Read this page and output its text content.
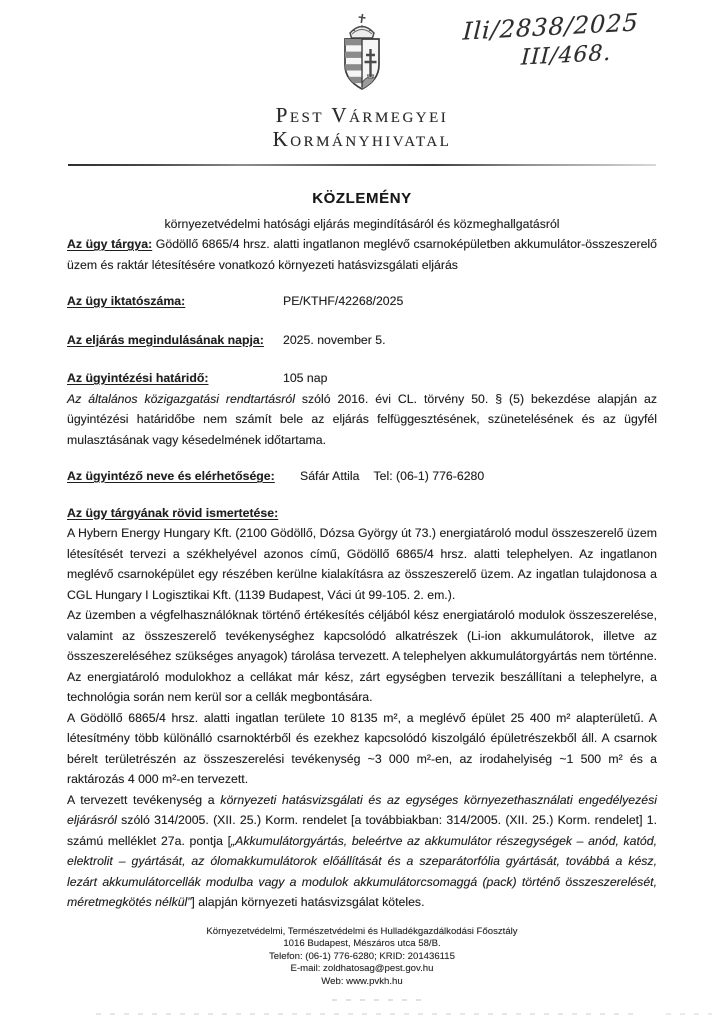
Ili/2838/2025
III/468.
Pest Vármegyei
Kormányhivatal
KÖZLEMÉNY
környezetvédelmi hatósági eljárás megindításáról és közmeghallgatásról

Az ügy tárgya: Gödöllő 6865/4 hrsz. alatti ingatlanon meglévő csarnoképületben akkumulátor-összeszerelő üzem és raktár létesítésére vonatkozó környezeti hatásvizsgálati eljárás

Az ügy iktatószáma:	PE/KTHF/42268/2025
Az eljárás megindulásának napja:	2025. november 5.
Az ügyintézési határidő:	105 nap

Az általános közigazgatási rendtartásról szóló 2016. évi CL. törvény 50. § (5) bekezdése alapján az ügyintézési határidőbe nem számít bele az eljárás felfüggesztésének, szünetelésének és az ügyfél mulasztásának vagy késedelmének időtartama.

Az ügyintéző neve és elérhetősége:	Sáfár Attila Tel: (06-1) 776-6280
Az ügy tárgyának rövid ismertetése:

A Hybern Energy Hungary Kft. (2100 Gödöllő, Dózsa György út 73.) energiatároló modul összeszerelő üzem létesítését tervezi a székhelyével azonos című, Gödöllő 6865/4 hrsz. alatti telephelyen. Az ingatlanon meglévő csarnoképület egy részében kerülne kialakításra az összeszerelő üzem. Az ingatlan tulajdonosa a CGL Hungary I Logisztikai Kft. (1139 Budapest, Váci út 99-105. 2. em.).

Az üzemben a végfelhasználóknak történő értékesítés céljából kész energiatároló modulok összeszerelése, valamint az összeszerelő tevékenységhez kapcsolódó alkatrészek (Li-ion akkumulátorok, illetve az összeszereléséhez szükséges anyagok) tárolása tervezett. A telephelyen akkumulátorgyártás nem történne. Az energiatároló modulokhoz a cellákat már kész, zárt egységben tervezik beszállítani a telephelyre, a technológia során nem kerül sor a cellák megbontására.

A Gödöllő 6865/4 hrsz. alatti ingatlan területe 10 8135 m², a meglévő épület 25 400 m² alapterületű. A létesítmény több különálló csarnoktérből és ezekhez kapcsolódó kiszolgáló épületrészekből áll. A csarnok bérelt területrészén az összeszerelési tevékenység ~3 000 m²-en, az irodahelyiség ~1 500 m² és a raktározás 4 000 m²-en tervezett.

A tervezett tevékenység a környezeti hatásvizsgálati és az egységes környezethasználati engedélyezési eljárásról szóló 314/2005. (XII. 25.) Korm. rendelet [a továbbiakban: 314/2005. (XII. 25.) Korm. rendelet] 1. számú melléklet 27a. pontja [„Akkumulátorgyártás, beleértve az akkumulátor részegységek – anód, katód, elektrolit – gyártását, az ólomakkumulátorok előállítását és a szeparátorfólia gyártását, továbbá a kész, lezárt akkumulátorcellák modulba vagy a modulok akkumulátorcsomaggá (pack) történő összeszerelését, méretmegkötés nélkül”] alapján környezeti hatásvizsgálat köteles.

Környezetvédelmi, Természetvédelmi és Hulladékgazdálkodási Főosztály
1016 Budapest, Mészáros utca 58/B.
Telefon: (06-1) 776-6280; KRID: 201436115
E-mail: zoldhatosag@pest.gov.hu
Web: www.pvkh.hu
